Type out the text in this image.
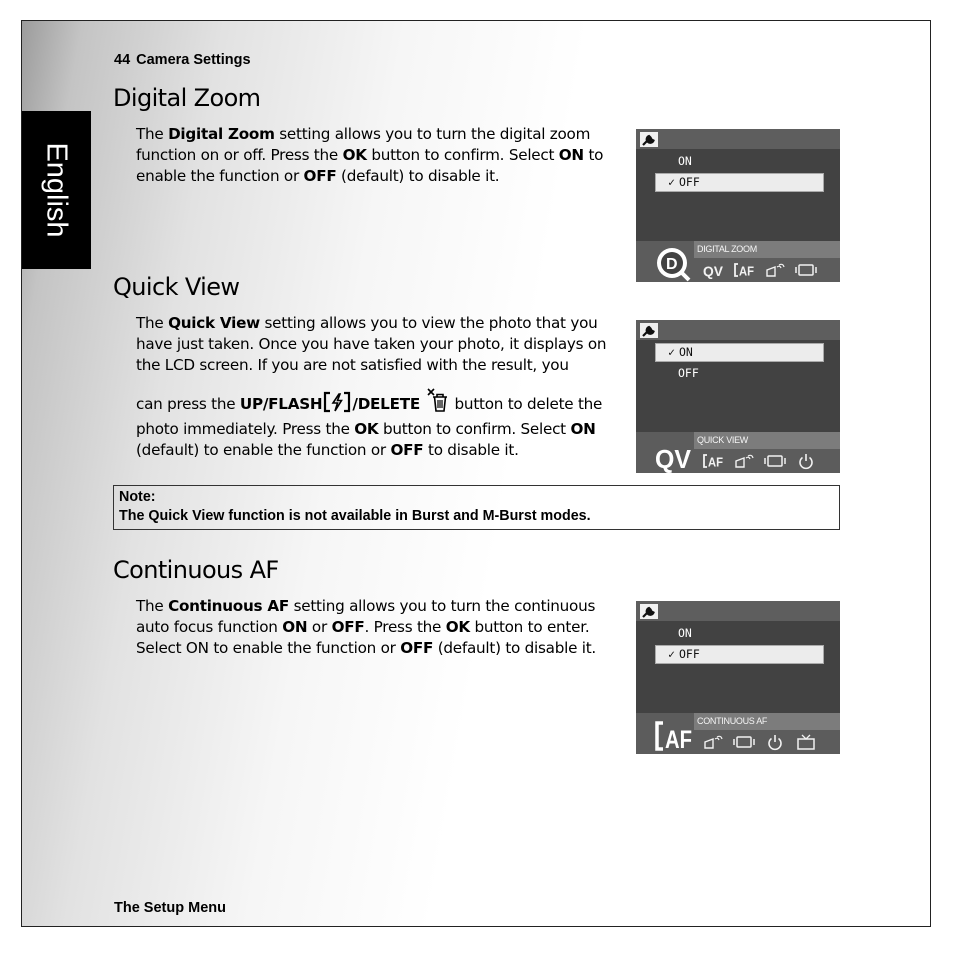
English
44 Camera Settings
Digital Zoom

The Digital Zoom setting allows you to turn the digital zoom function on or off. Press the OK button to confirm. Select ON to enable the function or OFF (default) to disable it.

Quick View

The Quick View setting allows you to view the photo that you have just taken. Once you have taken your photo, it displays on the LCD screen. If you are not satisfied with the result, you

can press the UP/FLASH /DELETE button to delete the photo immediately. Press the OK button to confirm. Select ON (default) to enable the function or OFF to disable it.

Note:
The Quick View function is not available in Burst and M-Burst modes.
Continuous AF

The Continuous AF setting allows you to turn the continuous auto focus function ON or OFF. Press the OK button to enter. Select ON to enable the function or OFF (default) to disable it.

ON
✓ OFF
DIGITAL ZOOM
D QV AF
✓ ON
OFF
QUICK VIEW
QV AF
ON
✓ OFF
CONTINUOUS AF
AF
The Setup Menu
